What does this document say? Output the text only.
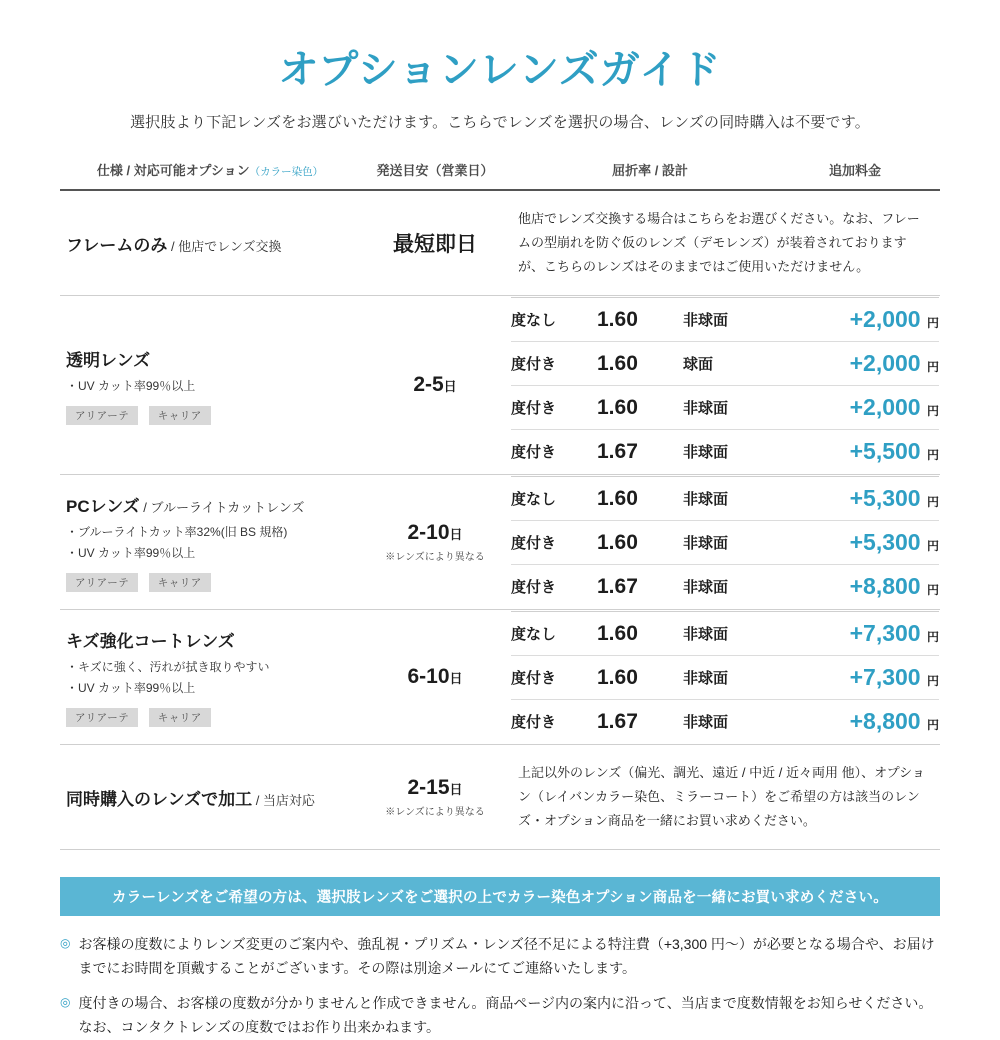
オプションレンズガイド
選択肢より下記レンズをお選びいただけます。こちらでレンズを選択の場合、レンズの同時購入は不要です。
仕様 / 対応可能オプション（カラー染色）	発送目安（営業日）	屈折率 / 設計	追加料金

フレームのみ / 他店でレンズ交換	最短即日	他店でレンズ交換する場合はこちらをお選びください。なお、フレームの型崩れを防ぐ仮のレンズ（デモレンズ）が装着されておりますが、こちらのレンズはそのままではご使用いただけません。

透明レンズ
・UV カット率99％以上
アリアーテ	キャリア
	2-5日	
度なし	1.60	非球面	+2,000 円
度付き	1.60	球面	+2,000 円
度付き	1.60	非球面	+2,000 円
度付き	1.67	非球面	+5,500 円

PCレンズ / ブルーライトカットレンズ
・ブルーライトカット率32%(旧 BS 規格)
・UV カット率99％以上
アリアーテ	キャリア
	2-10日
※レンズにより異なる

度なし	1.60	非球面	+5,300 円
度付き	1.60	非球面	+5,300 円
度付き	1.67	非球面	+8,800 円

キズ強化コートレンズ
・キズに強く、汚れが拭き取りやすい
・UV カット率99％以上
アリアーテ	キャリア
	6-10日	
度なし	1.60	非球面	+7,300 円
度付き	1.60	非球面	+7,300 円
度付き	1.67	非球面	+8,800 円

同時購入のレンズで加工 / 当店対応
	2-15日
※レンズにより異なる
	上記以外のレンズ（偏光、調光、遠近 / 中近 / 近々両用 他）、オプション（レイバンカラー染色、ミラーコート）をご希望の方は該当のレンズ・オプション商品を一緒にお買い求めください。

カラーレンズをご希望の方は、選択肢レンズをご選択の上でカラー染色オプション商品を一緒にお買い求めください。
◎ お客様の度数によりレンズ変更のご案内や、強乱視・プリズム・レンズ径不足による特注費（+3,300 円〜）が必要となる場合や、お届けまでにお時間を頂戴することがございます。その際は別途メールにてご連絡いたします。
◎ 度付きの場合、お客様の度数が分かりませんと作成できません。商品ページ内の案内に沿って、当店まで度数情報をお知らせください。なお、コンタクトレンズの度数ではお作り出来かねます。
